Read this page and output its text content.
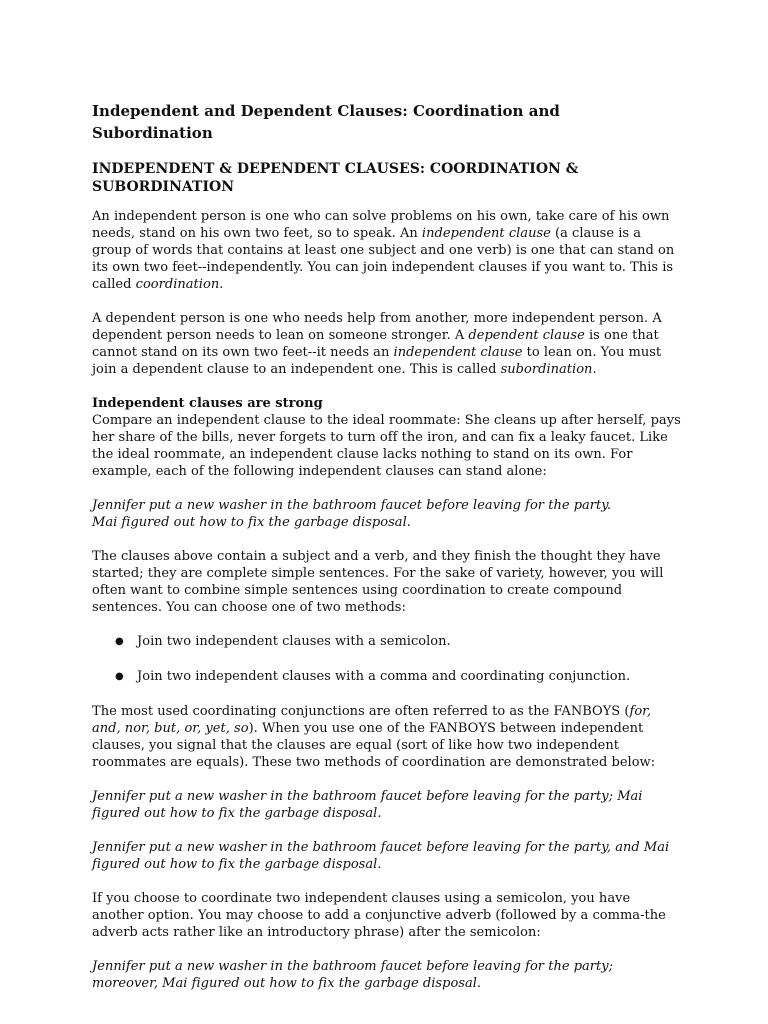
Independent and Dependent Clauses: Coordination and Subordination
INDEPENDENT & DEPENDENT CLAUSES: COORDINATION & SUBORDINATION

An independent person is one who can solve problems on his own, take care of his own needs, stand on his own two feet, so to speak. An independent clause (a clause is a group of words that contains at least one subject and one verb) is one that can stand on its own two feet--independently. You can join independent clauses if you want to. This is called coordination.

A dependent person is one who needs help from another, more independent person. A dependent person needs to lean on someone stronger. A dependent clause is one that cannot stand on its own two feet--it needs an independent clause to lean on. You must join a dependent clause to an independent one. This is called subordination.

Independent clauses are strong

Compare an independent clause to the ideal roommate: She cleans up after herself, pays her share of the bills, never forgets to turn off the iron, and can fix a leaky faucet. Like the ideal roommate, an independent clause lacks nothing to stand on its own. For example, each of the following independent clauses can stand alone:

Jennifer put a new washer in the bathroom faucet before leaving for the party.
Mai figured out how to fix the garbage disposal.

The clauses above contain a subject and a verb, and they finish the thought they have started; they are complete simple sentences. For the sake of variety, however, you will often want to combine simple sentences using coordination to create compound sentences. You can choose one of two methods:

● Join two independent clauses with a semicolon.
● Join two independent clauses with a comma and coordinating conjunction.

The most used coordinating conjunctions are often referred to as the FANBOYS (for, and, nor, but, or, yet, so). When you use one of the FANBOYS between independent clauses, you signal that the clauses are equal (sort of like how two independent roommates are equals). These two methods of coordination are demonstrated below:

Jennifer put a new washer in the bathroom faucet before leaving for the party; Mai figured out how to fix the garbage disposal.

Jennifer put a new washer in the bathroom faucet before leaving for the party, and Mai figured out how to fix the garbage disposal.

If you choose to coordinate two independent clauses using a semicolon, you have another option. You may choose to add a conjunctive adverb (followed by a comma-the adverb acts rather like an introductory phrase) after the semicolon:

Jennifer put a new washer in the bathroom faucet before leaving for the party; moreover, Mai figured out how to fix the garbage disposal.
